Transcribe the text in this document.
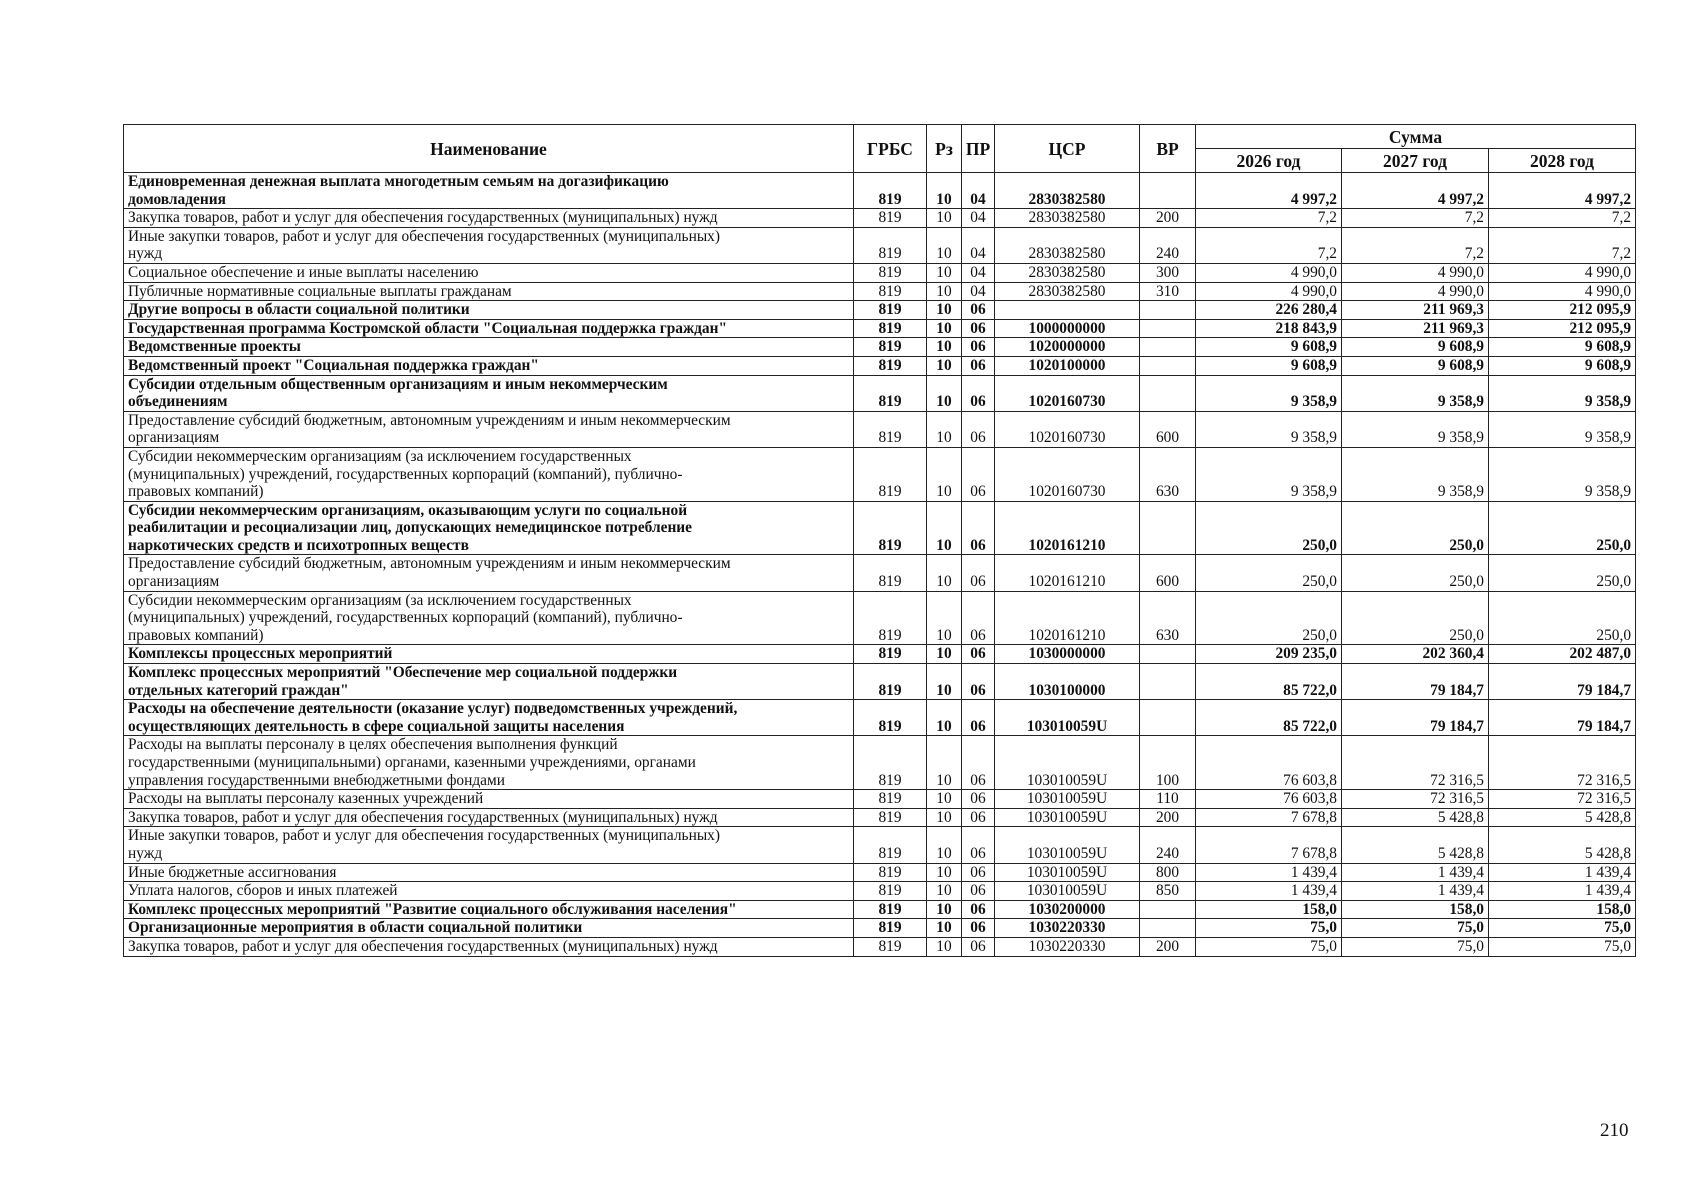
Наименование	ГРБС	Рз	ПР	ЦСР	ВР	Сумма		
						2026 год	2027 год	2028 год

Единовременная денежная выплата многодетным семьям на догазификацию
домовладения	819	10	04	2830382580		4 997,2	4 997,2	4 997,2

Закупка товаров, работ и услуг для обеспечения государственных (муниципальных) нужд	819	10	04	2830382580	200	7,2	7,2	7,2

Иные закупки товаров, работ и услуг для обеспечения государственных (муниципальных)
нужд	819	10	04	2830382580	240	7,2	7,2	7,2

Социальное обеспечение и иные выплаты населению	819	10	04	2830382580	300	4 990,0	4 990,0	4 990,0

Публичные нормативные социальные выплаты гражданам	819	10	04	2830382580	310	4 990,0	4 990,0	4 990,0

Другие вопросы в области социальной политики	819	10	06			226 280,4	211 969,3	212 095,9

Государственная программа Костромской области "Социальная поддержка граждан"	819	10	06	1000000000		218 843,9	211 969,3	212 095,9

Ведомственные проекты	819	10	06	1020000000		9 608,9	9 608,9	9 608,9

Ведомственный проект "Социальная поддержка граждан"	819	10	06	1020100000		9 608,9	9 608,9	9 608,9

Субсидии отдельным общественным организациям и иным некоммерческим
объединениям	819	10	06	1020160730		9 358,9	9 358,9	9 358,9

Предоставление субсидий бюджетным, автономным учреждениям и иным некоммерческим
организациям	819	10	06	1020160730	600	9 358,9	9 358,9	9 358,9

Субсидии некоммерческим организациям (за исключением государственных
(муниципальных) учреждений, государственных корпораций (компаний), публично-
правовых компаний)	819	10	06	1020160730	630	9 358,9	9 358,9	9 358,9

Субсидии некоммерческим организациям, оказывающим услуги по социальной
реабилитации и ресоциализации лиц, допускающих немедицинское потребление
наркотических средств и психотропных веществ	819	10	06	1020161210		250,0	250,0	250,0

Предоставление субсидий бюджетным, автономным учреждениям и иным некоммерческим
организациям	819	10	06	1020161210	600	250,0	250,0	250,0

Субсидии некоммерческим организациям (за исключением государственных
(муниципальных) учреждений, государственных корпораций (компаний), публично-
правовых компаний)	819	10	06	1020161210	630	250,0	250,0	250,0

Комплексы процессных мероприятий	819	10	06	1030000000		209 235,0	202 360,4	202 487,0

Комплекс процессных мероприятий "Обеспечение мер социальной поддержки
отдельных категорий граждан"	819	10	06	1030100000		85 722,0	79 184,7	79 184,7

Расходы на обеспечение деятельности (оказание услуг) подведомственных учреждений,
осуществляющих деятельность в сфере социальной защиты населения	819	10	06	103010059U		85 722,0	79 184,7	79 184,7

Расходы на выплаты персоналу в целях обеспечения выполнения функций
государственными (муниципальными) органами, казенными учреждениями, органами
управления государственными внебюджетными фондами	819	10	06	103010059U	100	76 603,8	72 316,5	72 316,5

Расходы на выплаты персоналу казенных учреждений	819	10	06	103010059U	110	76 603,8	72 316,5	72 316,5

Закупка товаров, работ и услуг для обеспечения государственных (муниципальных) нужд	819	10	06	103010059U	200	7 678,8	5 428,8	5 428,8

Иные закупки товаров, работ и услуг для обеспечения государственных (муниципальных)
нужд	819	10	06	103010059U	240	7 678,8	5 428,8	5 428,8

Иные бюджетные ассигнования	819	10	06	103010059U	800	1 439,4	1 439,4	1 439,4

Уплата налогов, сборов и иных платежей	819	10	06	103010059U	850	1 439,4	1 439,4	1 439,4

Комплекс процессных мероприятий "Развитие социального обслуживания населения"	819	10	06	1030200000		158,0	158,0	158,0

Организационные мероприятия в области социальной политики	819	10	06	1030220330		75,0	75,0	75,0

Закупка товаров, работ и услуг для обеспечения государственных (муниципальных) нужд	819	10	06	1030220330	200	75,0	75,0	75,0
210
